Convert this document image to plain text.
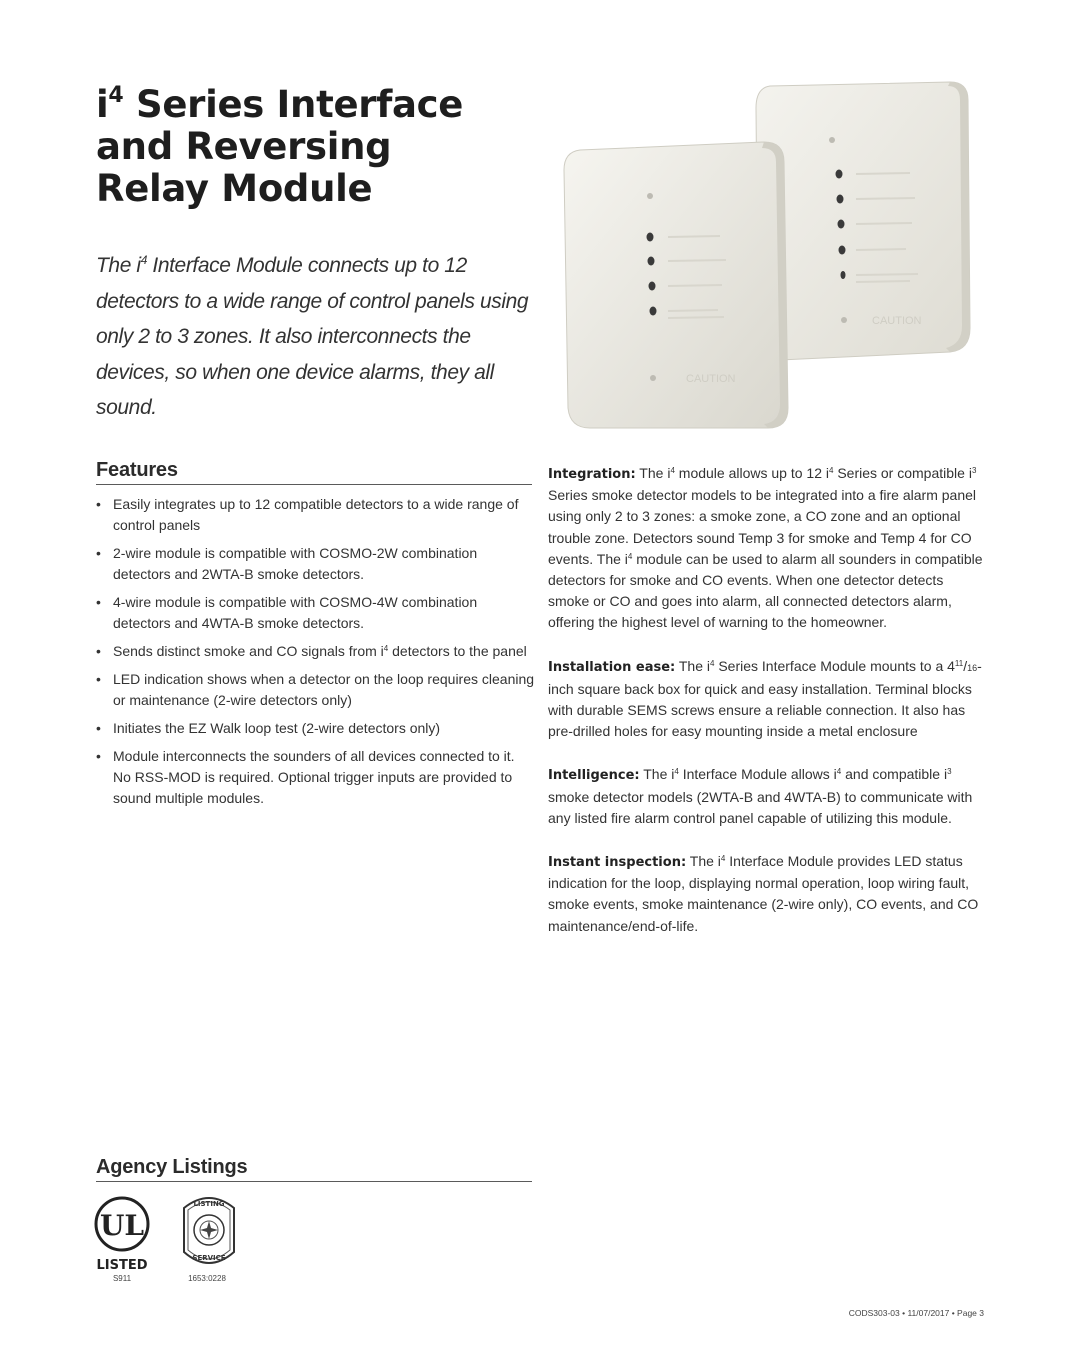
$i^4$ Series Interface
and Reversing
Relay Module

The $i^4$ Interface Module connects up to 12 detectors to a wide range of control panels using only 2 to 3 zones. It also interconnects the devices, so when one device alarms, they all sound.

CAUTION
CAUTION
Features
• Easily integrates up to 12 compatible detectors to a wide range of control panels
• 2-wire module is compatible with COSMO-2W combination detectors and 2WTA-B smoke detectors.
• 4-wire module is compatible with COSMO-4W combination detectors and 4WTA-B smoke detectors.
• Sends distinct smoke and CO signals from $i^4$ detectors to the panel
• LED indication shows when a detector on the loop requires cleaning or maintenance (2-wire detectors only)
• Initiates the EZ Walk loop test (2-wire detectors only)
• Module interconnects the sounders of all devices connected to it. No RSS-MOD is required. Optional trigger inputs are provided to sound multiple modules.

Integration: The $i^4$ module allows up to 12 $i^4$ Series or compatible $i^3$ Series smoke detector models to be integrated into a fire alarm panel using only 2 to 3 zones: a smoke zone, a CO zone and an optional trouble zone. Detectors sound Temp 3 for smoke and Temp 4 for CO events. The $i^4$ module can be used to alarm all sounders in compatible detectors for smoke and CO events. When one detector detects smoke or CO and goes into alarm, all connected detectors alarm, offering the highest level of warning to the homeowner.

Installation ease: The $i^4$ Series Interface Module mounts to a $4^{11}/16$-inch square back box for quick and easy installation. Terminal blocks with durable SEMS screws ensure a reliable connection. It also has pre-drilled holes for easy mounting inside a metal enclosure

Intelligence: The $i^4$ Interface Module allows $i^4$ and compatible $i^3$ smoke detector models (2WTA-B and 4WTA-B) to communicate with any listed fire alarm control panel capable of utilizing this module.

Instant inspection: The $i^4$ Interface Module provides LED status indication for the loop, displaying normal operation, loop wiring fault, smoke events, smoke maintenance (2-wire only), CO events, and CO maintenance/end-of-life.

Agency Listings
UL
LISTED
S911
LISTING
SERVICE
1653:0228
CODS303-03 • 11/07/2017 • Page 3
